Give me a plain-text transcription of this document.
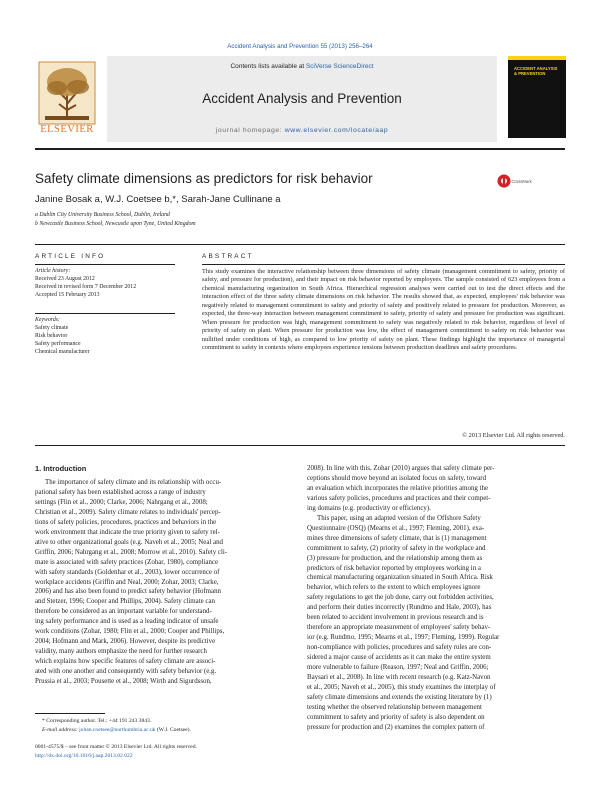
Accident Analysis and Prevention 55 (2013) 256–264
ELSEVIER
Contents lists available at SciVerse ScienceDirect
Accident Analysis and Prevention
journal homepage: www.elsevier.com/locate/aap
ACCIDENT ANALYSIS & PREVENTION
Safety climate dimensions as predictors for risk behavior	CrossMark
Janine Bosak a, W.J. Coetsee b,*, Sarah-Jane Cullinane a
a Dublin City University Business School, Dublin, Ireland
b Newcastle Business School, Newcastle upon Tyne, United Kingdom
ARTICLE INFO	ABSTRACT
Article history:
Received 23 August 2012
Received in revised form 7 December 2012
Accepted 15 February 2013
Keywords:
Safety climate
Risk behavior
Safety performance
Chemical manufacturer
This study examines the interactive relationship between three dimensions of safety climate (management commitment to safety, priority of safety, and pressure for production), and their impact on risk behavior reported by employees. The sample consisted of 623 employees from a chemical manufacturing organization in South Africa. Hierarchical regression analyses were carried out to test the direct effects and the interaction effect of the three safety climate dimensions on risk behavior. The results showed that, as expected, employees' risk behavior was negatively related to management commitment to safety and priority of safety and positively related to pressure for production. Moreover, as expected, the three-way interaction between management commitment to safety, priority of safety and pressure for production was significant. When pressure for production was high, management commitment to safety was negatively related to risk behavior, regardless of level of priority of safety on plant. When pressure for production was low, the effect of management commitment to safety on risk behavior was nullified under conditions of high, as compared to low priority of safety on plant. These findings highlight the importance of managerial commitment to safety in contexts where employees experience tensions between production deadlines and safety procedures.
© 2013 Elsevier Ltd. All rights reserved.
1. Introduction
The importance of safety climate and its relationship with occu-
pational safety has been established across a range of industry
settings (Flin et al., 2000; Clarke, 2006; Nahrgang et al., 2008;
Christian et al., 2009). Safety climate relates to individuals' percep-
tions of safety policies, procedures, practices and behaviors in the
work environment that indicate the true priority given to safety rel-
ative to other organizational goals (e.g. Naveh et al., 2005; Neal and
Griffin, 2006; Nahrgang et al., 2008; Morrow et al., 2010). Safety cli-
mate is associated with safety practices (Zohar, 1980), compliance
with safety standards (Goldenhar et al., 2003), lower occurrence of
workplace accidents (Griffin and Neal, 2000; Zohar, 2003; Clarke,
2006) and has also been found to predict safety behavior (Hofmann
and Stetzer, 1996; Cooper and Phillips, 2004). Safety climate can
therefore be considered as an important variable for understand-
ing safety performance and is used as a leading indicator of unsafe
work conditions (Zohar, 1980; Flin et al., 2000; Cooper and Phillips,
2004; Hofmann and Mark, 2006). However, despite its predictive
validity, many authors emphasize the need for further research
which explains how specific features of safety climate are associ-
ated with one another and consequently with safety behavior (e.g.
Prussia et al., 2003; Pousette et al., 2008; Wirth and Sigurdsson,
2008). In line with this, Zohar (2010) argues that safety climate per-
ceptions should move beyond an isolated focus on safety, toward
an evaluation which incorporates the relative priorities among the
various safety policies, procedures and practices and their compet-
ing domains (e.g. productivity or efficiency).
This paper, using an adapted version of the Offshore Safety
Questionnaire (OSQ) (Mearns et al., 1997; Fleming, 2001), exa-
mines three dimensions of safety climate, that is (1) management
commitment to safety, (2) priority of safety in the workplace and
(3) pressure for production, and the relationship among them as
predictors of risk behavior reported by employees working in a
chemical manufacturing organization situated in South Africa. Risk
behavior, which refers to the extent to which employees ignore
safety regulations to get the job done, carry out forbidden activities,
and perform their duties incorrectly (Rundmo and Hale, 2003), has
been related to accident involvement in previous research and is
therefore an appropriate measurement of employees' safety behav-
ior (e.g. Rundmo, 1995; Mearns et al., 1997; Fleming, 1999). Regular
non-compliance with policies, procedures and safety rules are con-
sidered a major cause of accidents as it can make the entire system
more vulnerable to failure (Reason, 1997; Neal and Griffin, 2006;
Baysari et al., 2008). In line with recent research (e.g. Katz-Navon
et al., 2005; Naveh et al., 2005), this study examines the interplay of
safety climate dimensions and extends the existing literature by (1)
testing whether the observed relationship between management
commitment to safety and priority of safety is also dependent on
pressure for production and (2) examines the complex pattern of
* Corresponding author. Tel.: +44 191 243 3843.
E-mail address: johan.coetsee@northumbria.ac.uk (W.J. Coetsee).
0001-4575/$ – see front matter © 2013 Elsevier Ltd. All rights reserved.
http://dx.doi.org/10.1016/j.aap.2013.02.022
